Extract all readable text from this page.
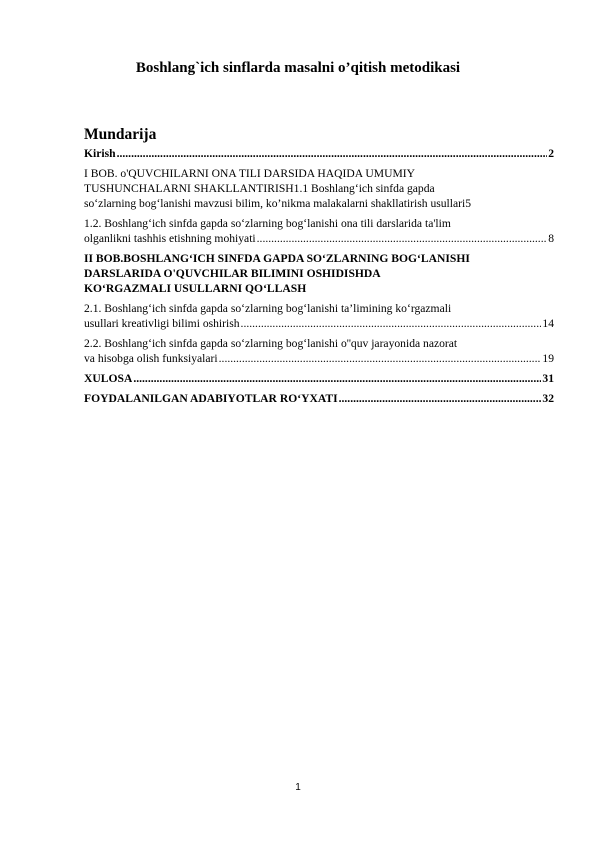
Boshlang`ich sinflarda masalni o’qitish metodikasi
Mundarija
Kirish .....	2
I BOB. o'QUVCHILARNI ONA TILI DARSIDA HAQIDA UMUMIY
TUSHUNCHALARNI SHAKLLANTIRISH1.1 Boshlang‘ich sinfda gapda
so‘zlarning bog‘lanishi mavzusi bilim, ko’nikma malakalarni shakllatirish usullari5
1.2. Boshlang‘ich sinfda gapda so‘zlarning bog‘lanishi ona tili darslarida ta'lim
olganlikni tashhis etishning mohiyati .....	8
II BOB.BOSHLANG‘ICH SINFDA GAPDA SO‘ZLARNING BOG‘LANISHI
DARSLARIDA O'QUVCHILAR BILIMINI OSHIDISHDA
KO‘RGAZMALI USULLARNI QO‘LLASH
2.1. Boshlang‘ich sinfda gapda so‘zlarning bog‘lanishi ta’limining ko‘rgazmali
usullari kreativligi bilimi oshirish .....	14
2.2. Boshlang‘ich sinfda gapda so‘zlarning bog‘lanishi o''quv jarayonida nazorat
va hisobga olish funksiyalari .....	19
XULOSA .....	31
FOYDALANILGAN ADABIYOTLAR RO‘YXATI .....	32
1
